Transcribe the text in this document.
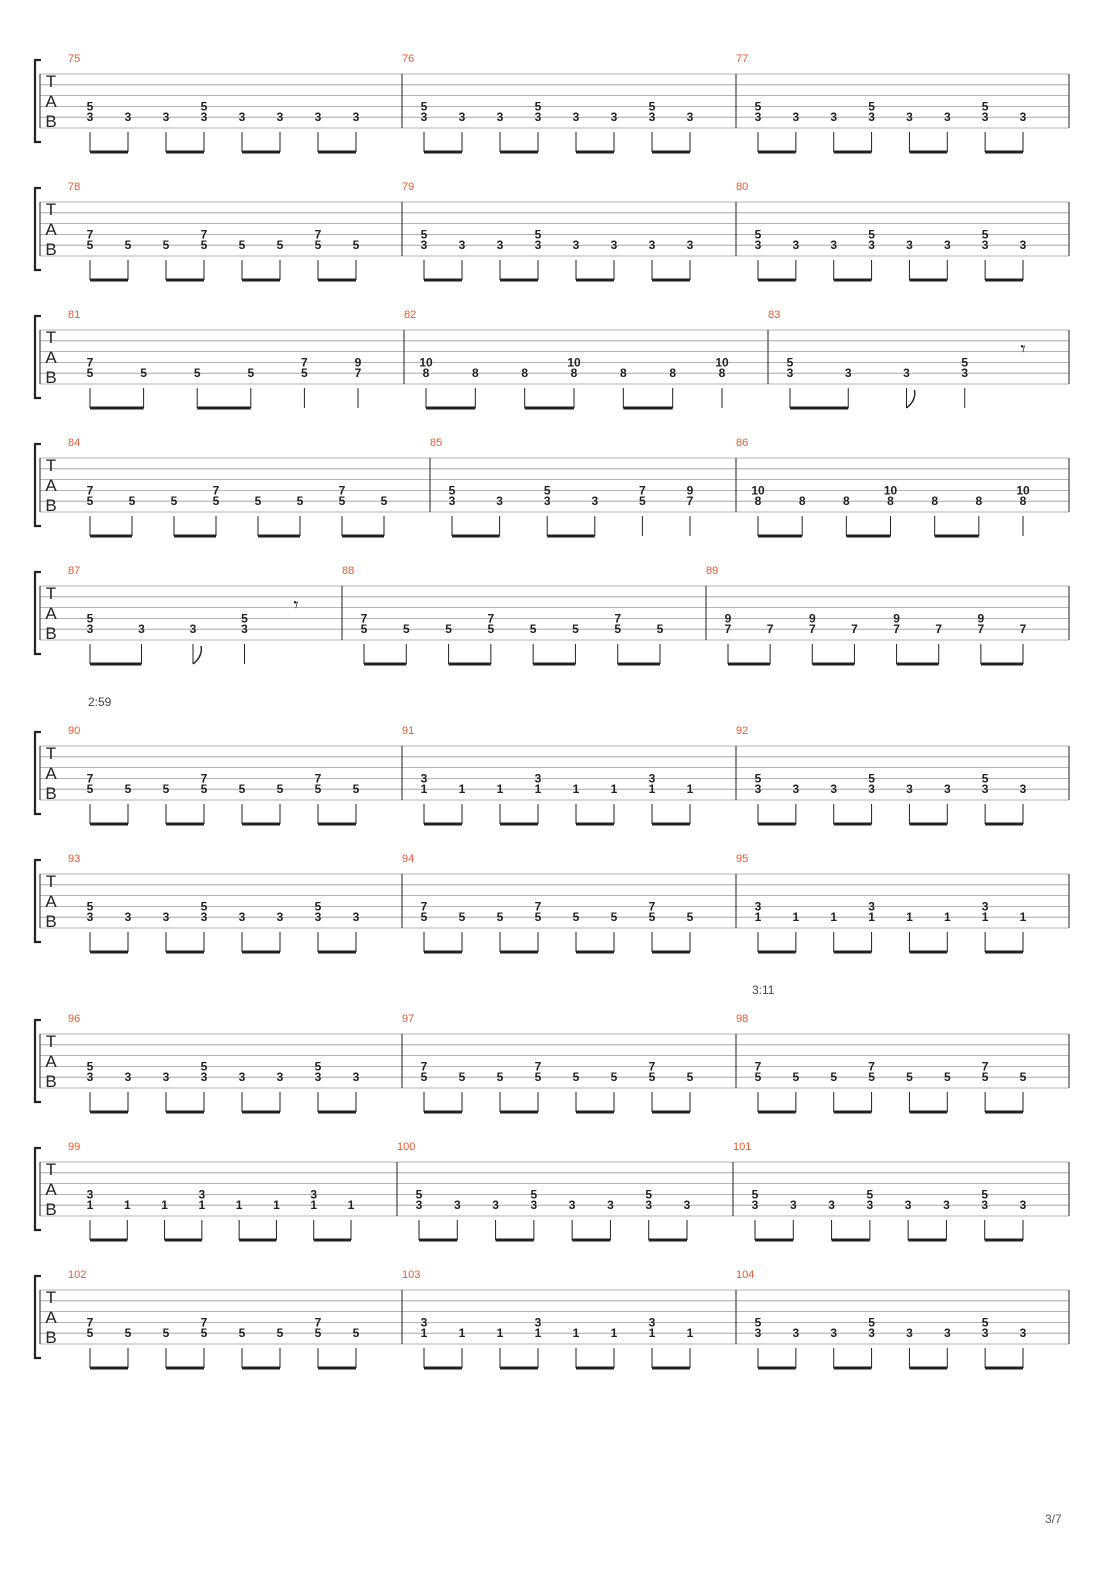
T
A
B
75
5
3	3	3
5
3	3	3	3	3
76
5
3	3	3
5
3	3	3
5
3	3
77
5
3	3	3
5
3	3	3
5
3	3
T
A
B
78
7
5	5	5
7
5	5	5
7
5	5
79
5
3	3	3
5
3	3	3	3	3
80
5
3	3	3
5
3	3	3
5
3	3
T
A
B
81
7
5	5	5	5
7
5
9
7
82
10
8	8	8
10
8	8	8
10
8
83
5
3	3	3
5
3
𝄾
T
A
B
84
7
5	5	5
7
5	5	5
7
5	5
85
5
3	3
5
3	3
7
5
9
7
86
10
8	8	8
10
8	8	8
10
8
T
A
B
87
5
3	3	3
5
3
𝄾
88
7
5	5	5
7
5	5	5
7
5	5
89
9
7	7
9
7	7
9
7	7
9
7	7
T
A
B
90
7
5	5	5
7
5	5	5
7
5	5
91
3
1	1	1
3
1	1	1
3
1	1
92
5
3	3	3
5
3	3	3
5
3	3
T
A
B
93
5
3	3	3
5
3	3	3
5
3	3
94
7
5	5	5
7
5	5	5
7
5	5
95
3
1	1	1
3
1	1	1
3
1	1
T
A
B
96
5
3	3	3
5
3	3	3
5
3	3
97
7
5	5	5
7
5	5	5
7
5	5
98
7
5	5	5
7
5	5	5
7
5	5
T
A
B
99
3
1	1	1
3
1	1	1
3
1	1
100
5
3	3	3
5
3	3	3
5
3	3
101
5
3	3	3
5
3	3	3
5
3	3
T
A
B
102
7
5	5	5
7
5	5	5
7
5	5
103
3
1	1	1
3
1	1	1
3
1	1
104
5
3	3	3
5
3	3	3
5
3	3
2:59
3:11
3/7
